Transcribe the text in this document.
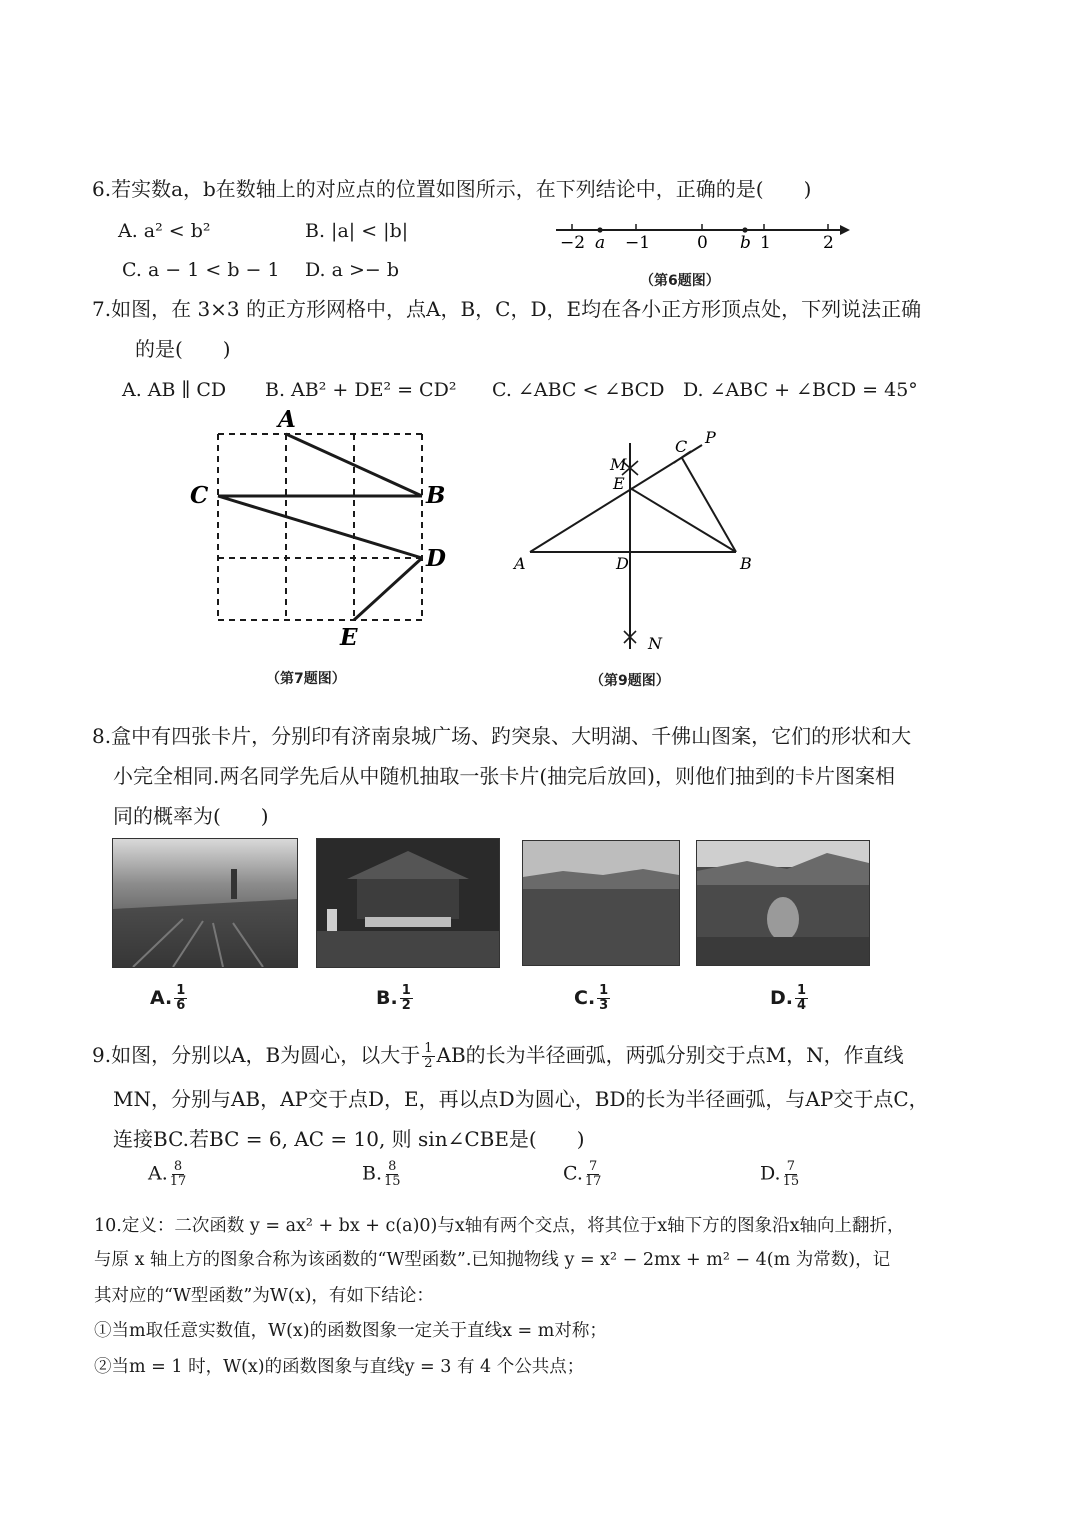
6.若实数a，b在数轴上的对应点的位置如图所示，在下列结论中，正确的是(　　)
A. a² < b²	B. |a| < |b|
C. a − 1 < b − 1 D. a >− b
−2 a −1	0 b 1	2
（第6题图）
7.如图，在 3×3 的正方形网格中，点A，B，C，D，E均在各小正方形顶点处，下列说法正确
的是(　　)
A. AB ∥ CD B. AB² + DE² = CD² C. ∠ABC < ∠BCD D. ∠ABC + ∠BCD = 45°
A
B
C
D
E
（第7题图）
A	B
C
D
E
M
N
P
（第9题图）
8.盒中有四张卡片，分别印有济南泉城广场、趵突泉、大明湖、千佛山图案，它们的形状和大
小完全相同.两名同学先后从中随机抽取一张卡片(抽完后放回)，则他们抽到的卡片图案相
同的概率为(　　)
A. $\frac{1}{6}$	B. $\frac{1}{2}$	C. $\frac{1}{3}$	D. $\frac{1}{4}$
9.如图，分别以A，B为圆心，以大于 $\frac{1}{2}$ AB的长为半径画弧，两弧分别交于点M，N，作直线
MN，分别与AB，AP交于点D，E，再以点D为圆心，BD的长为半径画弧，与AP交于点C，
连接BC.若BC = 6, AC = 10, 则 sin∠CBE是(　　)
A. $\frac{8}{17}$	B. $\frac{8}{15}$	C. $\frac{7}{17}$	D. $\frac{7}{15}$
10.定义：二次函数 y = ax² + bx + c(a)0)与x轴有两个交点，将其位于x轴下方的图象沿x轴向上翻折，
与原 x 轴上方的图象合称为该函数的“W型函数”.已知抛物线 y = x² − 2mx + m² − 4(m 为常数)，记
其对应的“W型函数”为W(x)，有如下结论：
①当m取任意实数值，W(x)的函数图象一定关于直线x = m对称；
②当m = 1 时，W(x)的函数图象与直线y = 3 有 4 个公共点；
